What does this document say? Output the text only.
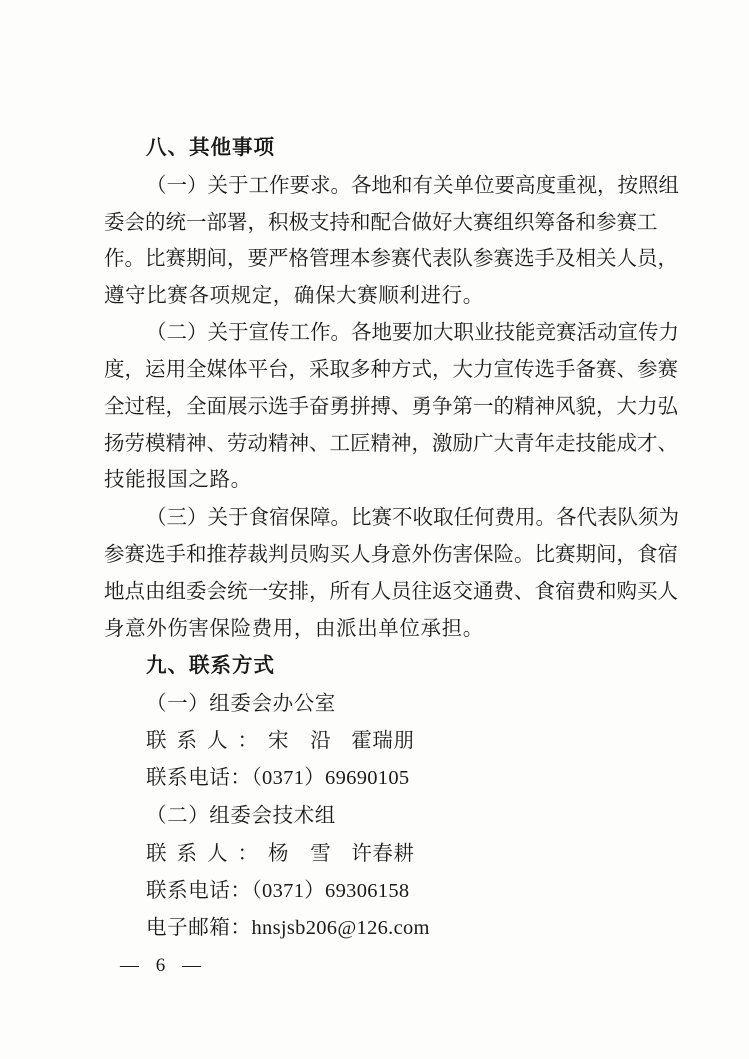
八、其他事项
（一）关于工作要求。各地和有关单位要高度重视，按照组
委会的统一部署，积极支持和配合做好大赛组织筹备和参赛工
作。比赛期间，要严格管理本参赛代表队参赛选手及相关人员，
遵守比赛各项规定，确保大赛顺利进行。
（二）关于宣传工作。各地要加大职业技能竞赛活动宣传力
度，运用全媒体平台，采取多种方式，大力宣传选手备赛、参赛
全过程，全面展示选手奋勇拼搏、勇争第一的精神风貌，大力弘
扬劳模精神、劳动精神、工匠精神，激励广大青年走技能成才、
技能报国之路。
（三）关于食宿保障。比赛不收取任何费用。各代表队须为
参赛选手和推荐裁判员购买人身意外伤害保险。比赛期间，食宿
地点由组委会统一安排，所有人员往返交通费、食宿费和购买人
身意外伤害保险费用，由派出单位承担。
九、联系方式
（一）组委会办公室
联系人：宋　沿 霍瑞朋
联系电话：（0371）69690105
（二）组委会技术组
联系人：杨　雪 许春耕
联系电话：（0371）69306158
电子邮箱：hnsjsb206@126.com
— 6 —
